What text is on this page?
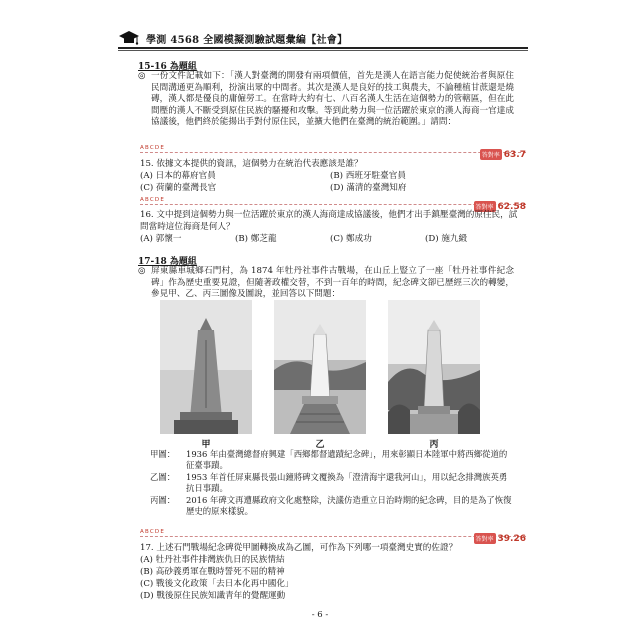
學測 4568 全國模擬測驗試題彙編【社會】
15-16 為題組
◎ 一份文件記載如下：「漢人對臺灣的開發有兩項價值，首先是漢人在語言能力促使統治者與原住民間溝通更為順利，扮演出眾的中間者。其次是漢人是良好的技工與農夫，不論種植甘蔗還是燒磚，漢人都是優良的庸僱勞工。在當時大約有七、八百名漢人生活在這個勢力的管轄區，但在此間壓的漢人不斷受到原住民族的騷擾和攻擊。等到此勢力與一位活躍於東京的漢人海商一官達成協議後，他們終於能揚出手對付原住民，並擴大他們在臺灣的統治範圍。」請問：
ABCDE
答對率 63.7
15. 依據文本提供的資訊，這個勢力在統治代表應該是誰？
(A) 日本的幕府官員	(B) 西班牙駐臺官員
(C) 荷蘭的臺灣長官	(D) 滿清的臺灣知府
ABCDE
答對率 62.58
16. 文中提到這個勢力與一位活躍於東京的漢人海商達成協議後，他們才出手鎮壓臺灣的原住民，試問當時這位海商是何人？
(A) 郭懷一	(B) 鄭芝龍	(C) 鄭成功	(D) 施九緞
17-18 為題組
◎ 屏東縣車城鄉石門村，為 1874 年牡丹社事件古戰場，在山丘上豎立了一座「牡丹社事件紀念碑」作為歷史重要見證，但隨著政權交替，不到一百年的時間，紀念碑文卻已歷經三次的轉變，參見甲、乙、丙三圖像及圖說，並回答以下問題：
甲	乙	丙
甲圖： 1936 年由臺灣總督府興建「西鄉都督遺蹟紀念碑」，用來彰顯日本陸軍中將西鄉從道的征臺事蹟。
乙圖： 1953 年首任屏東縣長張山鐘將碑文覆換為「澄清海宇還我河山」，用以紀念排灣族英勇抗日事蹟。
丙圖： 2016 年碑文再遭縣政府文化處整除，決議仿造重立日治時期的紀念碑，目的是為了恢復歷史的原來樣貌。
ABCDE
答對率 39.26
17. 上述石門戰場紀念碑從甲圖轉換成為乙圖，可作為下列哪一項臺灣史實的佐證？
(A) 牡丹社事件排灣族仇日的民族情結
(B) 高砂義勇軍在戰時誓死不屈的精神
(C) 戰後文化政策「去日本化再中國化」
(D) 戰後原住民族知識青年的覺醒運動
- 6 -
